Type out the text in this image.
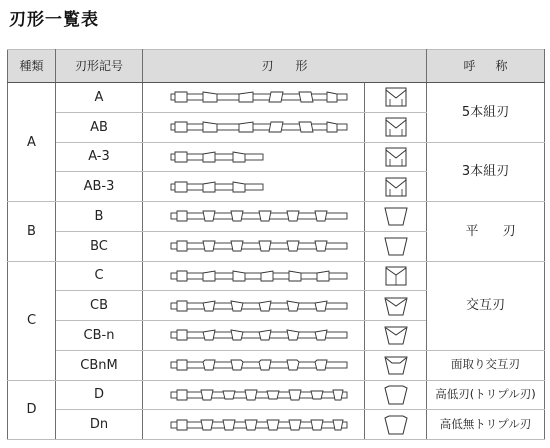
刃形一覧表
種類	刃形記号	刃形		呼称
A	A			5本組刃
	AB	

	A-3			3本組刃
	AB-3	

B	B			平 刃
	BC	

C	C			交互刃
	CB	

	CB-n	

	CBnM			面取り交互刃
D	D			高低刃(トリプル刃)
	Dn			高低無トリプル刃
